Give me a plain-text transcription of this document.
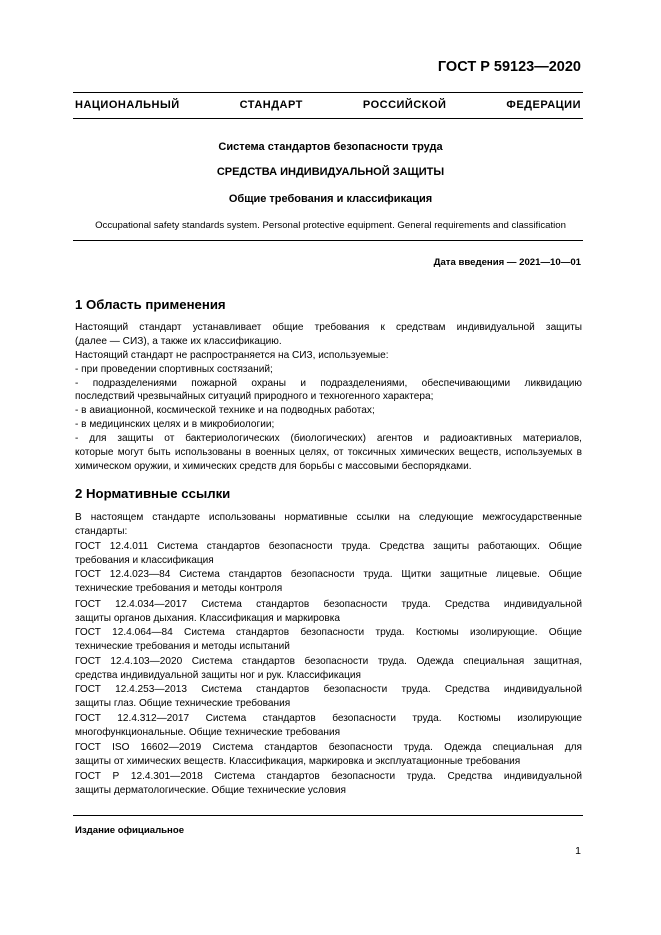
ГОСТ Р 59123—2020
НАЦИОНАЛЬНЫЙ СТАНДАРТ РОССИЙСКОЙ ФЕДЕРАЦИИ
Система стандартов безопасности труда
СРЕДСТВА ИНДИВИДУАЛЬНОЙ ЗАЩИТЫ
Общие требования и классификация
Occupational safety standards system. Personal protective equipment. General requirements and classification
Дата введения — 2021—10—01
1 Область применения
Настоящий стандарт устанавливает общие требования к средствам индивидуальной защиты
(далее — СИЗ), а также их классификацию.
Настоящий стандарт не распространяется на СИЗ, используемые:
- при проведении спортивных состязаний;
- подразделениями пожарной охраны и подразделениями, обеспечивающими ликвидацию
последствий чрезвычайных ситуаций природного и техногенного характера;
- в авиационной, космической технике и на подводных работах;
- в медицинских целях и в микробиологии;
- для защиты от бактериологических (биологических) агентов и радиоактивных материалов,
которые могут быть использованы в военных целях, от токсичных химических веществ, используемых в
химическом оружии, и химических средств для борьбы с массовыми беспорядками.
2 Нормативные ссылки
В настоящем стандарте использованы нормативные ссылки на следующие межгосударственные
стандарты:
ГОСТ 12.4.011 Система стандартов безопасности труда. Средства защиты работающих. Общие
требования и классификация
ГОСТ 12.4.023—84 Система стандартов безопасности труда. Щитки защитные лицевые. Общие
технические требования и методы контроля
ГОСТ 12.4.034—2017 Система стандартов безопасности труда. Средства индивидуальной
защиты органов дыхания. Классификация и маркировка
ГОСТ 12.4.064—84 Система стандартов безопасности труда. Костюмы изолирующие. Общие
технические требования и методы испытаний
ГОСТ 12.4.103—2020 Система стандартов безопасности труда. Одежда специальная защитная,
средства индивидуальной защиты ног и рук. Классификация
ГОСТ 12.4.253—2013 Система стандартов безопасности труда. Средства индивидуальной
защиты глаз. Общие технические требования
ГОСТ 12.4.312—2017 Система стандартов безопасности труда. Костюмы изолирующие
многофункциональные. Общие технические требования
ГОСТ ISO 16602—2019 Система стандартов безопасности труда. Одежда специальная для
защиты от химических веществ. Классификация, маркировка и эксплуатационные требования
ГОСТ Р 12.4.301—2018 Система стандартов безопасности труда. Средства индивидуальной
защиты дерматологические. Общие технические условия
Издание официальное
1
